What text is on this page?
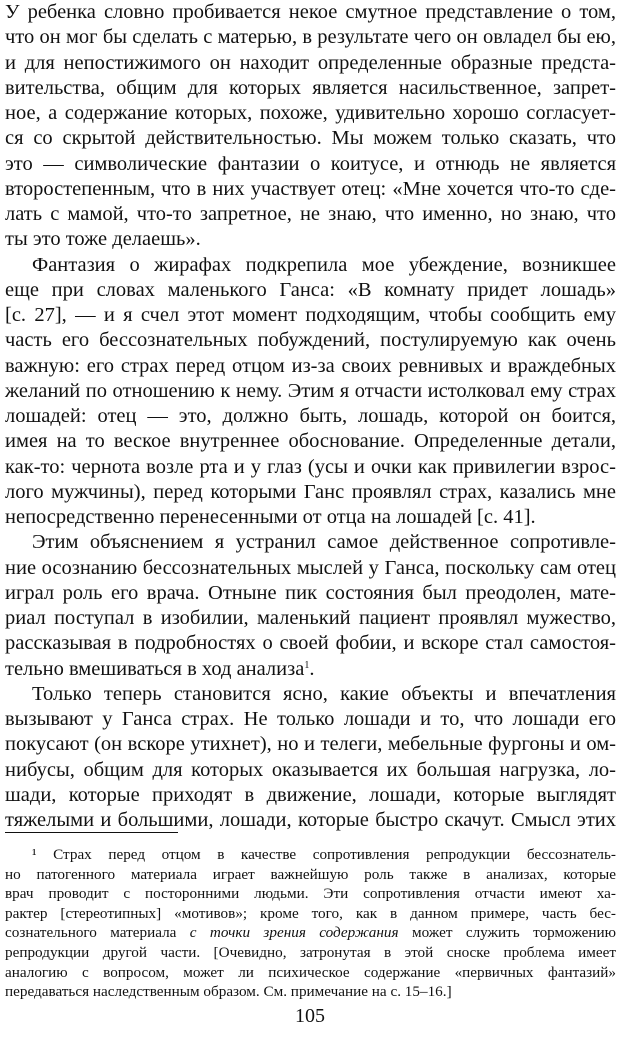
У ребенка словно пробивается некое смутное представление о том,
что он мог бы сделать с матерью, в результате чего он овладел бы ею,
и для непостижимого он находит определенные образные предста-
вительства, общим для которых является насильственное, запрет-
ное, а содержание которых, похоже, удивительно хорошо согласует-
ся со скрытой действительностью. Мы можем только сказать, что
это — символические фантазии о коитусе, и отнюдь не является
второстепенным, что в них участвует отец: «Мне хочется что-то сде-
лать с мамой, что-то запретное, не знаю, что именно, но знаю, что
ты это тоже делаешь».
Фантазия о жирафах подкрепила мое убеждение, возникшее
еще при словах маленького Ганса: «В комнату придет лошадь»
[с. 27], — и я счел этот момент подходящим, чтобы сообщить ему
часть его бессознательных побуждений, постулируемую как очень
важную: его страх перед отцом из-за своих ревнивых и враждебных
желаний по отношению к нему. Этим я отчасти истолковал ему страх
лошадей: отец — это, должно быть, лошадь, которой он боится,
имея на то веское внутреннее обоснование. Определенные детали,
как-то: чернота возле рта и у глаз (усы и очки как привилегии взрос-
лого мужчины), перед которыми Ганс проявлял страх, казались мне
непосредственно перенесенными от отца на лошадей [с. 41].
Этим объяснением я устранил самое действенное сопротивле-
ние осознанию бессознательных мыслей у Ганса, поскольку сам отец
играл роль его врача. Отныне пик состояния был преодолен, мате-
риал поступал в изобилии, маленький пациент проявлял мужество,
рассказывая в подробностях о своей фобии, и вскоре стал самостоя-
тельно вмешиваться в ход анализа$^1$.
Только теперь становится ясно, какие объекты и впечатления
вызывают у Ганса страх. Не только лошади и то, что лошади его
покусают (он вскоре утихнет), но и телеги, мебельные фургоны и ом-
нибусы, общим для которых оказывается их большая нагрузка, ло-
шади, которые приходят в движение, лошади, которые выглядят
тяжелыми и большими, лошади, которые быстро скачут. Смысл этих
¹ Страх перед отцом в качестве сопротивления репродукции бессознатель-
но патогенного материала играет важнейшую роль также в анализах, которые
врач проводит с посторонними людьми. Эти сопротивления отчасти имеют ха-
рактер [стереотипных] «мотивов»; кроме того, как в данном примере, часть бес-
сознательного материала с точки зрения содержания может служить торможению
репродукции другой части. [Очевидно, затронутая в этой сноске проблема имеет
аналогию с вопросом, может ли психическое содержание «первичных фантазий»
передаваться наследственным образом. См. примечание на с. 15–16.]
105
